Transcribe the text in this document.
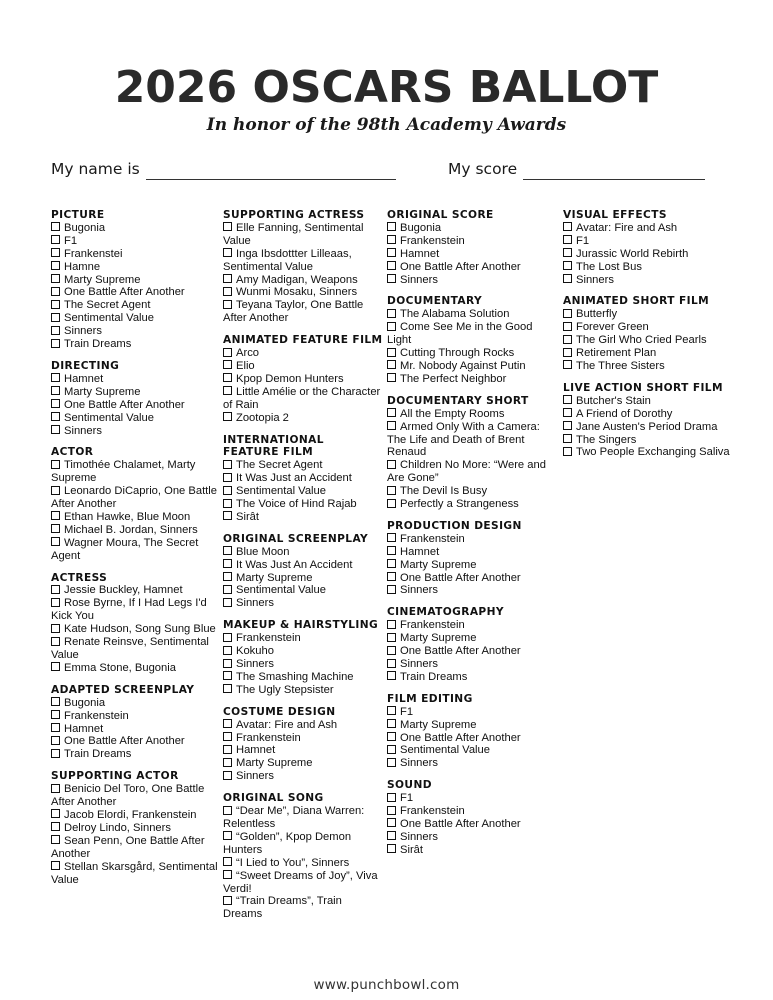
2026 OSCARS BALLOT
In honor of the 98th Academy Awards
My name is	My score
PICTURE
Bugonia
F1
Frankenstei
Hamne
Marty Supreme
One Battle After Another
The Secret Agent
Sentimental Value
Sinners
Train Dreams
DIRECTING
Hamnet
Marty Supreme
One Battle After Another
Sentimental Value
Sinners
ACTOR
Timothée Chalamet, Marty Supreme
Leonardo DiCaprio, One Battle After Another
Ethan Hawke, Blue Moon
Michael B. Jordan, Sinners
Wagner Moura, The Secret Agent
ACTRESS
Jessie Buckley, Hamnet
Rose Byrne, If I Had Legs I'd Kick You
Kate Hudson, Song Sung Blue
Renate Reinsve, Sentimental Value
Emma Stone, Bugonia
ADAPTED SCREENPLAY
Bugonia
Frankenstein
Hamnet
One Battle After Another
Train Dreams
SUPPORTING ACTOR
Benicio Del Toro, One Battle After Another
Jacob Elordi, Frankenstein
Delroy Lindo, Sinners
Sean Penn, One Battle After Another
Stellan Skarsgård, Sentimental Value
SUPPORTING ACTRESS
Elle Fanning, Sentimental Value
Inga Ibsdottter Lilleaas, Sentimental Value
Amy Madigan, Weapons
Wunmi Mosaku, Sinners
Teyana Taylor, One Battle After Another
ANIMATED FEATURE FILM
Arco
Elio
Kpop Demon Hunters
Little Amélie or the Character of Rain
Zootopia 2
INTERNATIONAL FEATURE FILM
The Secret Agent
It Was Just an Accident
Sentimental Value
The Voice of Hind Rajab
Sirât
ORIGINAL SCREENPLAY
Blue Moon
It Was Just An Accident
Marty Supreme
Sentimental Value
Sinners
MAKEUP & HAIRSTYLING
Frankenstein
Kokuho
Sinners
The Smashing Machine
The Ugly Stepsister
COSTUME DESIGN
Avatar: Fire and Ash
Frankenstein
Hamnet
Marty Supreme
Sinners
ORIGINAL SONG
“Dear Me”, Diana Warren: Relentless
“Golden”, Kpop Demon Hunters
“I Lied to You”, Sinners
“Sweet Dreams of Joy”, Viva Verdi!
“Train Dreams”, Train Dreams
ORIGINAL SCORE
Bugonia
Frankenstein
Hamnet
One Battle After Another
Sinners
DOCUMENTARY
The Alabama Solution
Come See Me in the Good Light
Cutting Through Rocks
Mr. Nobody Against Putin
The Perfect Neighbor
DOCUMENTARY SHORT
All the Empty Rooms
Armed Only With a Camera: The Life and Death of Brent Renaud
Children No More: “Were and Are Gone”
The Devil Is Busy
Perfectly a Strangeness
PRODUCTION DESIGN
Frankenstein
Hamnet
Marty Supreme
One Battle After Another
Sinners
CINEMATOGRAPHY
Frankenstein
Marty Supreme
One Battle After Another
Sinners
Train Dreams
FILM EDITING
F1
Marty Supreme
One Battle After Another
Sentimental Value
Sinners
SOUND
F1
Frankenstein
One Battle After Another
Sinners
Sirât
VISUAL EFFECTS
Avatar: Fire and Ash
F1
Jurassic World Rebirth
The Lost Bus
Sinners
ANIMATED SHORT FILM
Butterfly
Forever Green
The Girl Who Cried Pearls
Retirement Plan
The Three Sisters
LIVE ACTION SHORT FILM
Butcher's Stain
A Friend of Dorothy
Jane Austen's Period Drama
The Singers
Two People Exchanging Saliva
www.punchbowl.com
